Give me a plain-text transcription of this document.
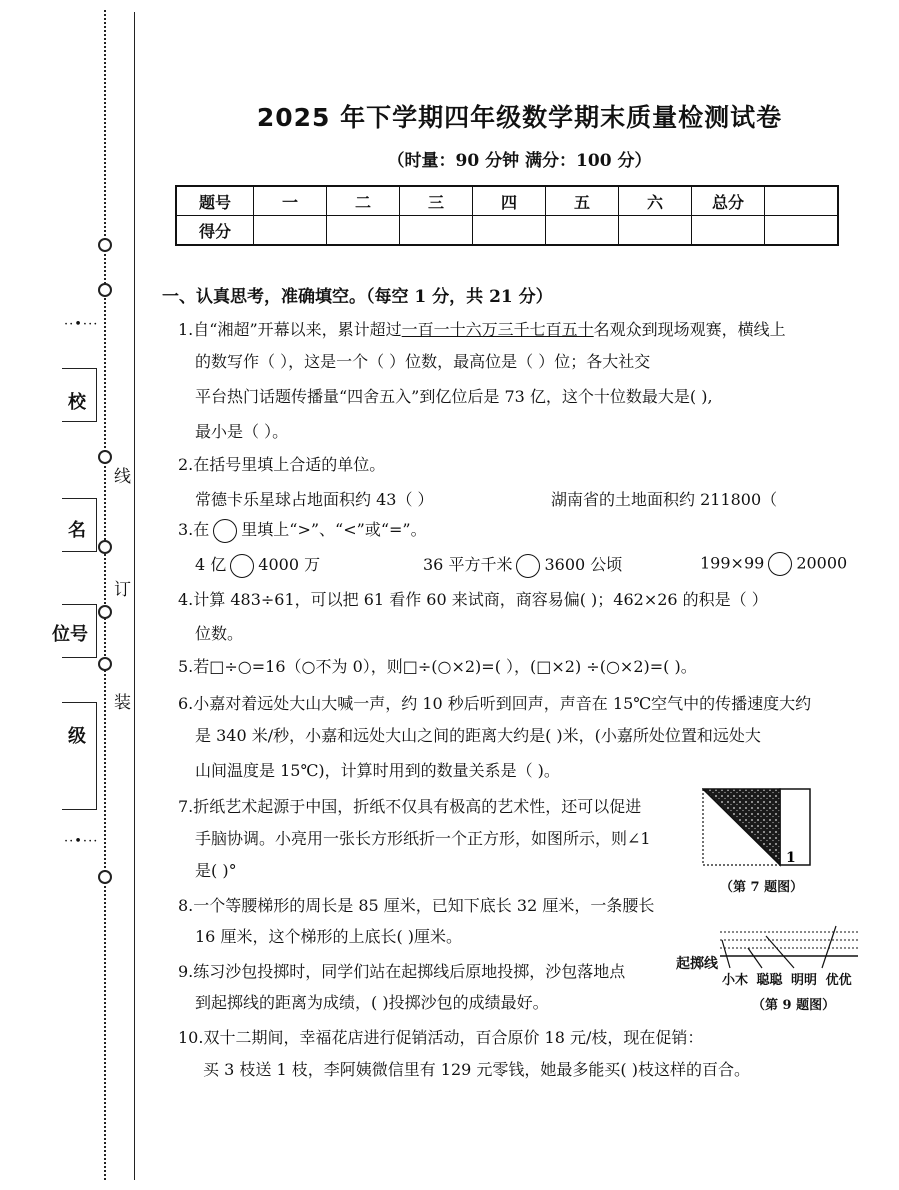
··•···
··•···
校
名
位号
级
线
订
装
2025 年下学期四年级数学期末质量检测试卷
（时量：90 分钟 满分：100 分）
题号	一	二	三	四	五	六	总分	
得分								
一、认真思考，准确填空。（每空 1 分，共 21 分）
1.自“湘超”开幕以来，累计超过一百一十六万三千七百五十名观众到现场观赛，横线上
的数写作（ ），这是一个（ ）位数，最高位是（ ）位；各大社交
平台热门话题传播量“四舍五入”到亿位后是 73 亿，这个十位数最大是( ),
最小是（ ）。
2.在括号里填上合适的单位。
常德卡乐星球占地面积约 43（ ）	湖南省的土地面积约 211800（
3.在 里填上“>”、“<”或“=”。
4 亿 4000 万	36 平方千米 3600 公顷	199×99 20000
4.计算 483÷61，可以把 61 看作 60 来试商，商容易偏( )；462×26 的积是（ ）
位数。
5.若□÷○=16（○不为 0），则□÷(○×2)=( ），(□×2) ÷(○×2)=( )。
6.小嘉对着远处大山大喊一声，约 10 秒后听到回声，声音在 15℃空气中的传播速度大约
是 340 米/秒，小嘉和远处大山之间的距离大约是( )米，(小嘉所处位置和远处大
山间温度是 15℃)，计算时用到的数量关系是（ )。
7.折纸艺术起源于中国，折纸不仅具有极高的艺术性，还可以促进
手脑协调。小亮用一张长方形纸折一个正方形，如图所示，则∠1
是( )°
1
（第 7 题图）
8.一个等腰梯形的周长是 85 厘米，已知下底长 32 厘米，一条腰长
16 厘米，这个梯形的上底长( )厘米。
9.练习沙包投掷时，同学们站在起掷线后原地投掷，沙包落地点
到起掷线的距离为成绩，( )投掷沙包的成绩最好。
起掷线
小木 聪聪 明明 优优
（第 9 题图）
10.双十二期间，幸福花店进行促销活动，百合原价 18 元/枝，现在促销：
买 3 枝送 1 枝，李阿姨微信里有 129 元零钱，她最多能买( )枝这样的百合。
